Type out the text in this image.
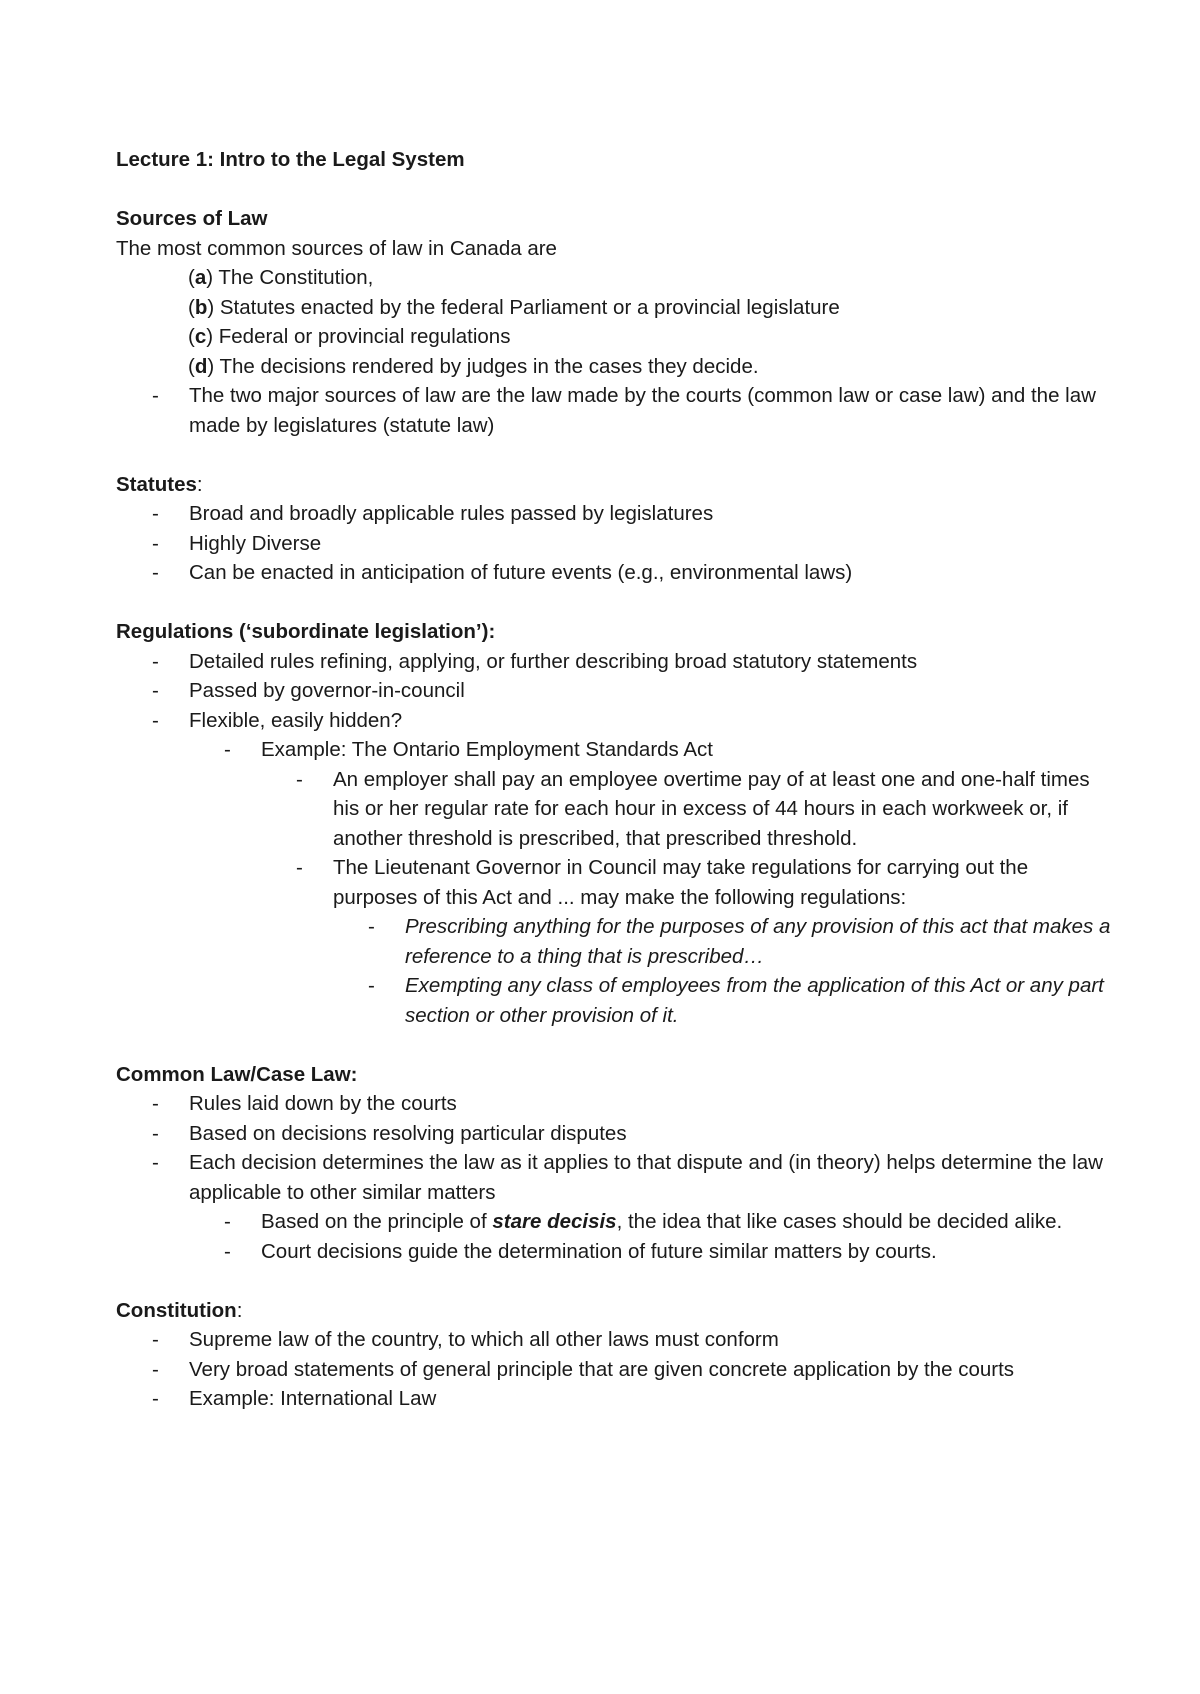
Lecture 1: Intro to the Legal System

Sources of Law

The most common sources of law in Canada are

(a) The Constitution,

(b) Statutes enacted by the federal Parliament or a provincial legislature

(c) Federal or provincial regulations

(d) The decisions rendered by judges in the cases they decide.

- The two major sources of law are the law made by the courts (common law or case law) and the law made by legislatures (statute law)

Statutes:

- Broad and broadly applicable rules passed by legislatures
- Highly Diverse
- Can be enacted in anticipation of future events (e.g., environmental laws)

Regulations (‘subordinate legislation’):

- Detailed rules refining, applying, or further describing broad statutory statements
- Passed by governor-in-council
- Flexible, easily hidden?
- Example: The Ontario Employment Standards Act
- An employer shall pay an employee overtime pay of at least one and one-half times his or her regular rate for each hour in excess of 44 hours in each workweek or, if another threshold is prescribed, that prescribed threshold.
- The Lieutenant Governor in Council may take regulations for carrying out the purposes of this Act and ... may make the following regulations:
- Prescribing anything for the purposes of any provision of this act that makes a reference to a thing that is prescribed…
- Exempting any class of employees from the application of this Act or any part section or other provision of it.

Common Law/Case Law:

- Rules laid down by the courts
- Based on decisions resolving particular disputes
- Each decision determines the law as it applies to that dispute and (in theory) helps determine the law applicable to other similar matters
- Based on the principle of stare decisis, the idea that like cases should be decided alike.
- Court decisions guide the determination of future similar matters by courts.

Constitution:

- Supreme law of the country, to which all other laws must conform
- Very broad statements of general principle that are given concrete application by the courts
- Example: International Law
